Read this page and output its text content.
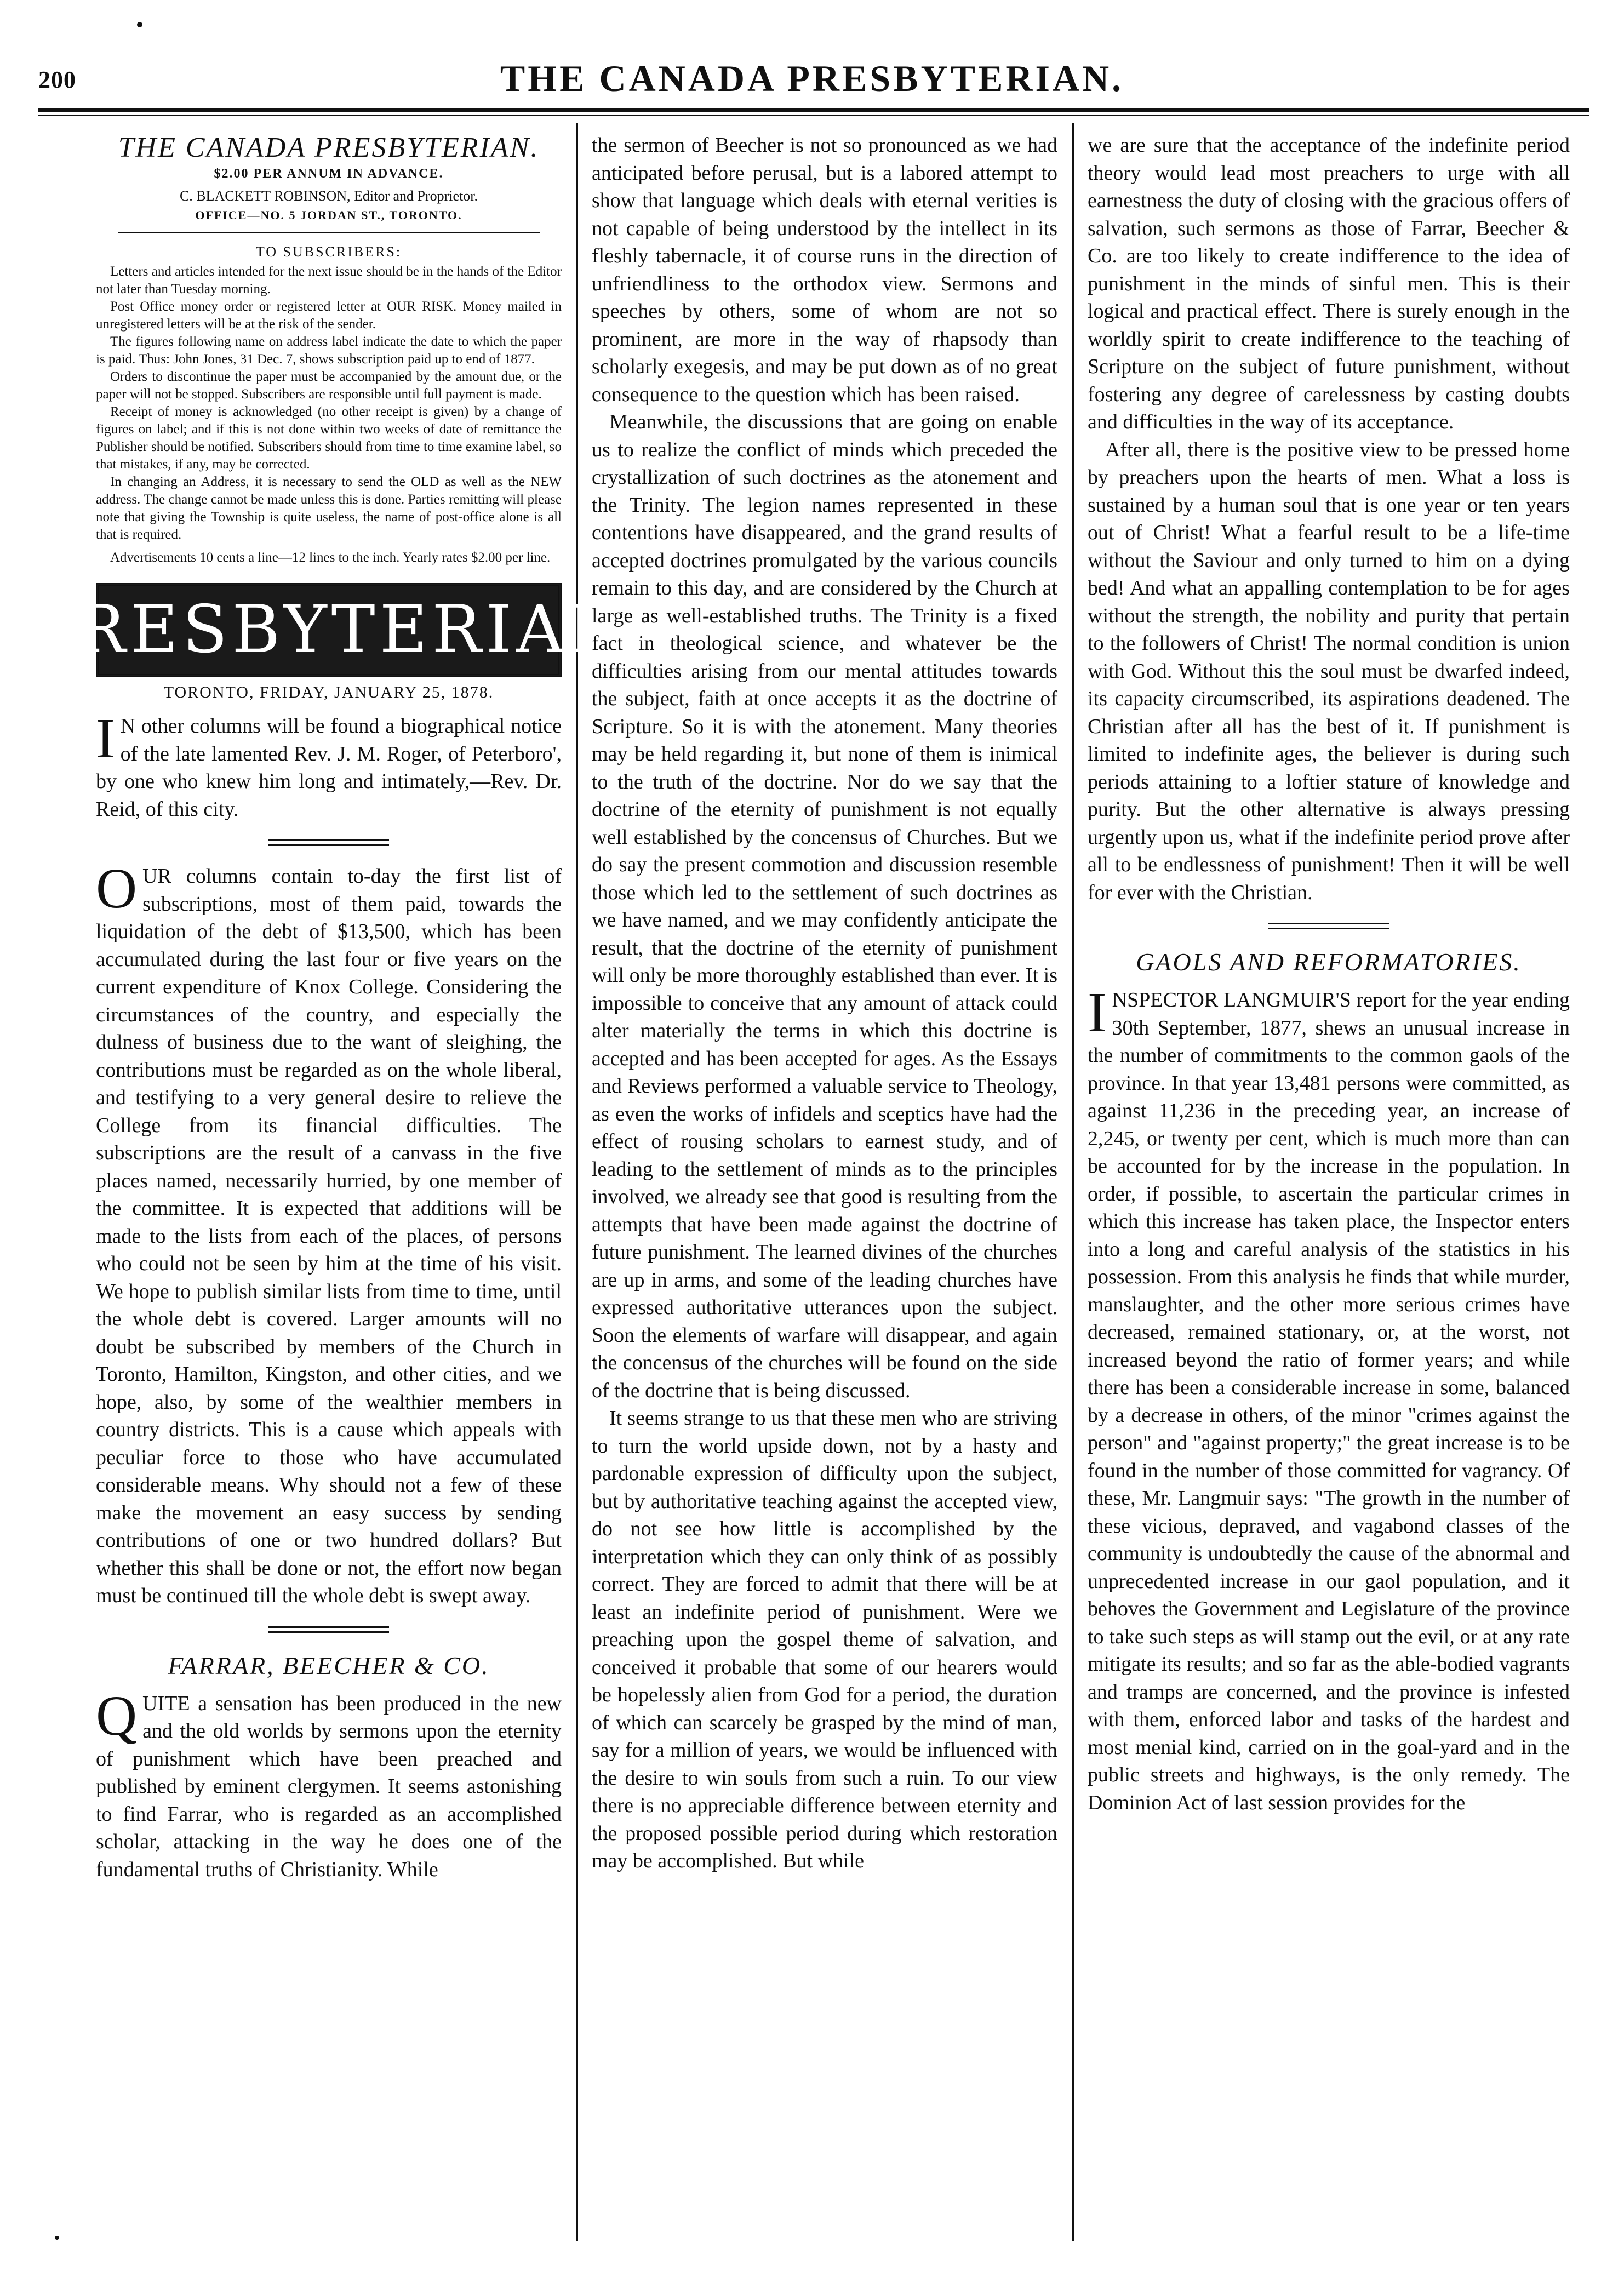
200	THE CANADA PRESBYTERIAN.
THE CANADA PRESBYTERIAN.
$2.00 PER ANNUM IN ADVANCE.
C. BLACKETT ROBINSON, Editor and Proprietor.
OFFICE—NO. 5 JORDAN ST., TORONTO.
TO SUBSCRIBERS:

Letters and articles intended for the next issue should be in the hands of the Editor not later than Tuesday morning.

Post Office money order or registered letter at OUR RISK. Money mailed in unregistered letters will be at the risk of the sender.

The figures following name on address label indicate the date to which the paper is paid. Thus: John Jones, 31 Dec. 7, shows subscription paid up to end of 1877.

Orders to discontinue the paper must be accompanied by the amount due, or the paper will not be stopped. Subscribers are responsible until full payment is made.

Receipt of money is acknowledged (no other receipt is given) by a change of figures on label; and if this is not done within two weeks of date of remittance the Publisher should be notified. Subscribers should from time to time examine label, so that mistakes, if any, may be corrected.

In changing an Address, it is necessary to send the OLD as well as the NEW address. The change cannot be made unless this is done. Parties remitting will please note that giving the Township is quite useless, the name of post-office alone is all that is required.

Advertisements 10 cents a line—12 lines to the inch. Yearly rates $2.00 per line.

PRESBYTERIAN
TORONTO, FRIDAY, JANUARY 25, 1878.

IN other columns will be found a biographical notice of the late lamented Rev. J. M. Roger, of Peterboro', by one who knew him long and intimately,—Rev. Dr. Reid, of this city.

OUR columns contain to-day the first list of subscriptions, most of them paid, towards the liquidation of the debt of $13,500, which has been accumulated during the last four or five years on the current expenditure of Knox College. Considering the circumstances of the country, and especially the dulness of business due to the want of sleighing, the contributions must be regarded as on the whole liberal, and testifying to a very general desire to relieve the College from its financial difficulties. The subscriptions are the result of a canvass in the five places named, necessarily hurried, by one member of the committee. It is expected that additions will be made to the lists from each of the places, of persons who could not be seen by him at the time of his visit. We hope to publish similar lists from time to time, until the whole debt is covered. Larger amounts will no doubt be subscribed by members of the Church in Toronto, Hamilton, Kingston, and other cities, and we hope, also, by some of the wealthier members in country districts. This is a cause which appeals with peculiar force to those who have accumulated considerable means. Why should not a few of these make the movement an easy success by sending contributions of one or two hundred dollars? But whether this shall be done or not, the effort now began must be continued till the whole debt is swept away.

FARRAR, BEECHER & CO.

QUITE a sensation has been produced in the new and the old worlds by sermons upon the eternity of punishment which have been preached and published by eminent clergymen. It seems astonishing to find Farrar, who is regarded as an accomplished scholar, attacking in the way he does one of the fundamental truths of Christianity. While

the sermon of Beecher is not so pronounced as we had anticipated before perusal, but is a labored attempt to show that language which deals with eternal verities is not capable of being understood by the intellect in its fleshly tabernacle, it of course runs in the direction of unfriendliness to the orthodox view. Sermons and speeches by others, some of whom are not so prominent, are more in the way of rhapsody than scholarly exegesis, and may be put down as of no great consequence to the question which has been raised.

Meanwhile, the discussions that are going on enable us to realize the conflict of minds which preceded the crystallization of such doctrines as the atonement and the Trinity. The legion names represented in these contentions have disappeared, and the grand results of accepted doctrines promulgated by the various councils remain to this day, and are considered by the Church at large as well-established truths. The Trinity is a fixed fact in theological science, and whatever be the difficulties arising from our mental attitudes towards the subject, faith at once accepts it as the doctrine of Scripture. So it is with the atonement. Many theories may be held regarding it, but none of them is inimical to the truth of the doctrine. Nor do we say that the doctrine of the eternity of punishment is not equally well established by the concensus of Churches. But we do say the present commotion and discussion resemble those which led to the settlement of such doctrines as we have named, and we may confidently anticipate the result, that the doctrine of the eternity of punishment will only be more thoroughly established than ever. It is impossible to conceive that any amount of attack could alter materially the terms in which this doctrine is accepted and has been accepted for ages. As the Essays and Reviews performed a valuable service to Theology, as even the works of infidels and sceptics have had the effect of rousing scholars to earnest study, and of leading to the settlement of minds as to the principles involved, we already see that good is resulting from the attempts that have been made against the doctrine of future punishment. The learned divines of the churches are up in arms, and some of the leading churches have expressed authoritative utterances upon the subject. Soon the elements of warfare will disappear, and again the concensus of the churches will be found on the side of the doctrine that is being discussed.

It seems strange to us that these men who are striving to turn the world upside down, not by a hasty and pardonable expression of difficulty upon the subject, but by authoritative teaching against the accepted view, do not see how little is accomplished by the interpretation which they can only think of as possibly correct. They are forced to admit that there will be at least an indefinite period of punishment. Were we preaching upon the gospel theme of salvation, and conceived it probable that some of our hearers would be hopelessly alien from God for a period, the duration of which can scarcely be grasped by the mind of man, say for a million of years, we would be influenced with the desire to win souls from such a ruin. To our view there is no appreciable difference between eternity and the proposed possible period during which restoration may be accomplished. But while

we are sure that the acceptance of the indefinite period theory would lead most preachers to urge with all earnestness the duty of closing with the gracious offers of salvation, such sermons as those of Farrar, Beecher & Co. are too likely to create indifference to the idea of punishment in the minds of sinful men. This is their logical and practical effect. There is surely enough in the worldly spirit to create indifference to the teaching of Scripture on the subject of future punishment, without fostering any degree of carelessness by casting doubts and difficulties in the way of its acceptance.

After all, there is the positive view to be pressed home by preachers upon the hearts of men. What a loss is sustained by a human soul that is one year or ten years out of Christ! What a fearful result to be a life-time without the Saviour and only turned to him on a dying bed! And what an appalling contemplation to be for ages without the strength, the nobility and purity that pertain to the followers of Christ! The normal condition is union with God. Without this the soul must be dwarfed indeed, its capacity circumscribed, its aspirations deadened. The Christian after all has the best of it. If punishment is limited to indefinite ages, the believer is during such periods attaining to a loftier stature of knowledge and purity. But the other alternative is always pressing urgently upon us, what if the indefinite period prove after all to be endlessness of punishment! Then it will be well for ever with the Christian.

GAOLS AND REFORMATORIES.

INSPECTOR LANGMUIR'S report for the year ending 30th September, 1877, shews an unusual increase in the number of commitments to the common gaols of the province. In that year 13,481 persons were committed, as against 11,236 in the preceding year, an increase of 2,245, or twenty per cent, which is much more than can be accounted for by the increase in the population. In order, if possible, to ascertain the particular crimes in which this increase has taken place, the Inspector enters into a long and careful analysis of the statistics in his possession. From this analysis he finds that while murder, manslaughter, and the other more serious crimes have decreased, remained stationary, or, at the worst, not increased beyond the ratio of former years; and while there has been a considerable increase in some, balanced by a decrease in others, of the minor "crimes against the person" and "against property;" the great increase is to be found in the number of those committed for vagrancy. Of these, Mr. Langmuir says: "The growth in the number of these vicious, depraved, and vagabond classes of the community is undoubtedly the cause of the abnormal and unprecedented increase in our gaol population, and it behoves the Government and Legislature of the province to take such steps as will stamp out the evil, or at any rate mitigate its results; and so far as the able-bodied vagrants and tramps are concerned, and the province is infested with them, enforced labor and tasks of the hardest and most menial kind, carried on in the goal-yard and in the public streets and highways, is the only remedy. The Dominion Act of last session provides for the
